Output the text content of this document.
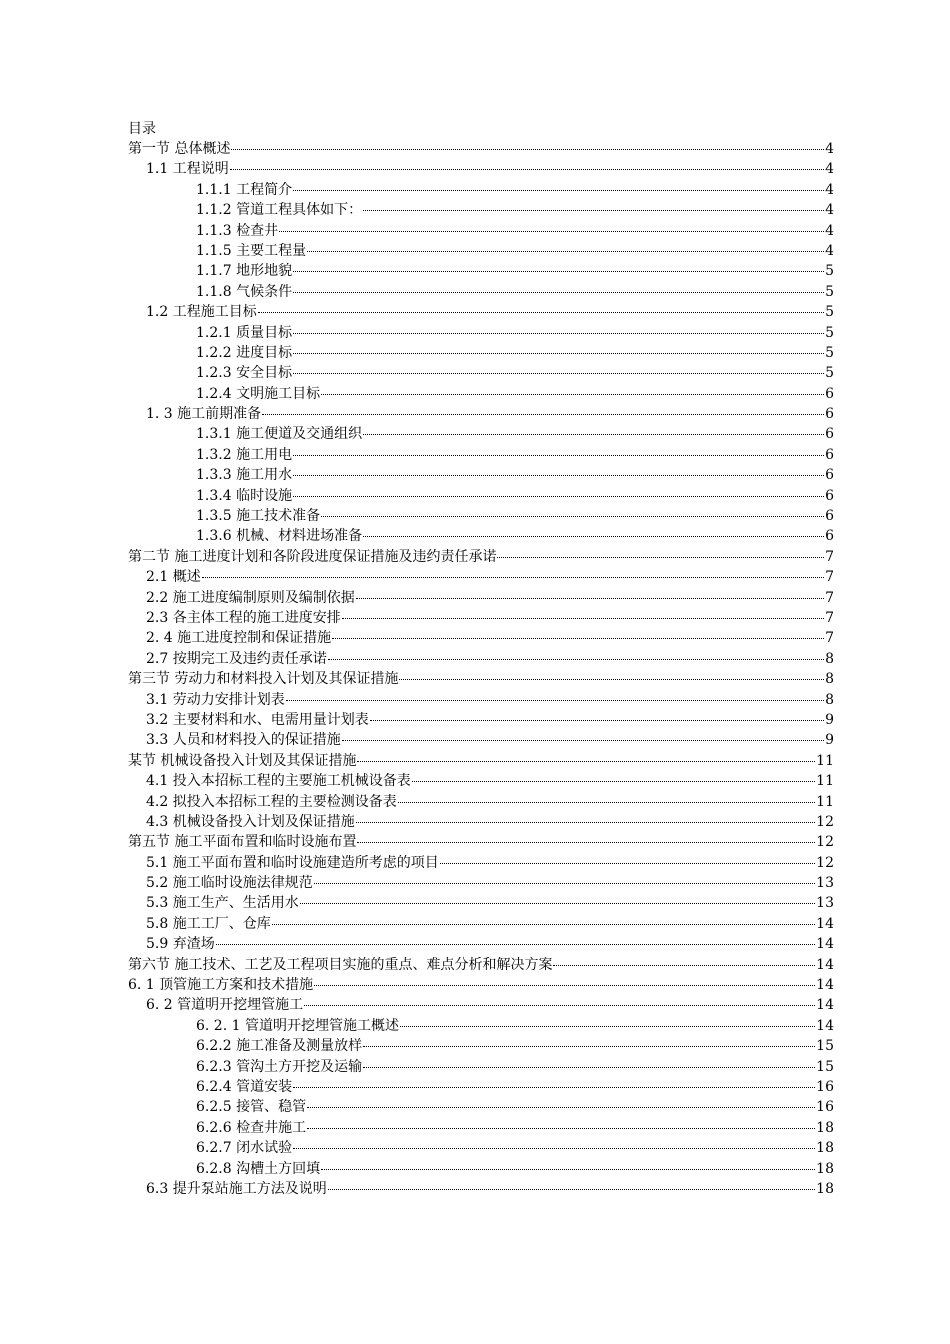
目录
第一节 总体概述	4
1.1 工程说明	4
1.1.1 工程简介	4
1.1.2 管道工程具体如下：	4
1.1.3 检查井	4
1.1.5 主要工程量	4
1.1.7 地形地貌	5
1.1.8 气候条件	5
1.2 工程施工目标	5
1.2.1 质量目标	5
1.2.2 进度目标	5
1.2.3 安全目标	5
1.2.4 文明施工目标	6
1. 3 施工前期准备	6
1.3.1 施工便道及交通组织	6
1.3.2 施工用电	6
1.3.3 施工用水	6
1.3.4 临时设施	6
1.3.5 施工技术准备	6
1.3.6 机械、材料进场准备	6
第二节 施工进度计划和各阶段进度保证措施及违约责任承诺	7
2.1 概述	7
2.2 施工进度编制原则及编制依据	7
2.3 各主体工程的施工进度安排	7
2. 4 施工进度控制和保证措施	7
2.7 按期完工及违约责任承诺	8
第三节 劳动力和材料投入计划及其保证措施	8
3.1 劳动力安排计划表	8
3.2 主要材料和水、电需用量计划表	9
3.3 人员和材料投入的保证措施	9
某节 机械设备投入计划及其保证措施	11
4.1 投入本招标工程的主要施工机械设备表	11
4.2 拟投入本招标工程的主要检测设备表	11
4.3 机械设备投入计划及保证措施	12
第五节 施工平面布置和临时设施布置	12
5.1 施工平面布置和临时设施建造所考虑的项目	12
5.2 施工临时设施法律规范	13
5.3 施工生产、生活用水	13
5.8 施工工厂、仓库	14
5.9 弃渣场	14
第六节 施工技术、工艺及工程项目实施的重点、难点分析和解决方案	14
6. 1 顶管施工方案和技术措施	14
6. 2 管道明开挖埋管施工	14
6. 2. 1 管道明开挖埋管施工概述	14
6.2.2 施工准备及测量放样	15
6.2.3 管沟土方开挖及运输	15
6.2.4 管道安装	16
6.2.5 接管、稳管	16
6.2.6 检查井施工	18
6.2.7 闭水试验	18
6.2.8 沟槽土方回填	18
6.3 提升泵站施工方法及说明	18
